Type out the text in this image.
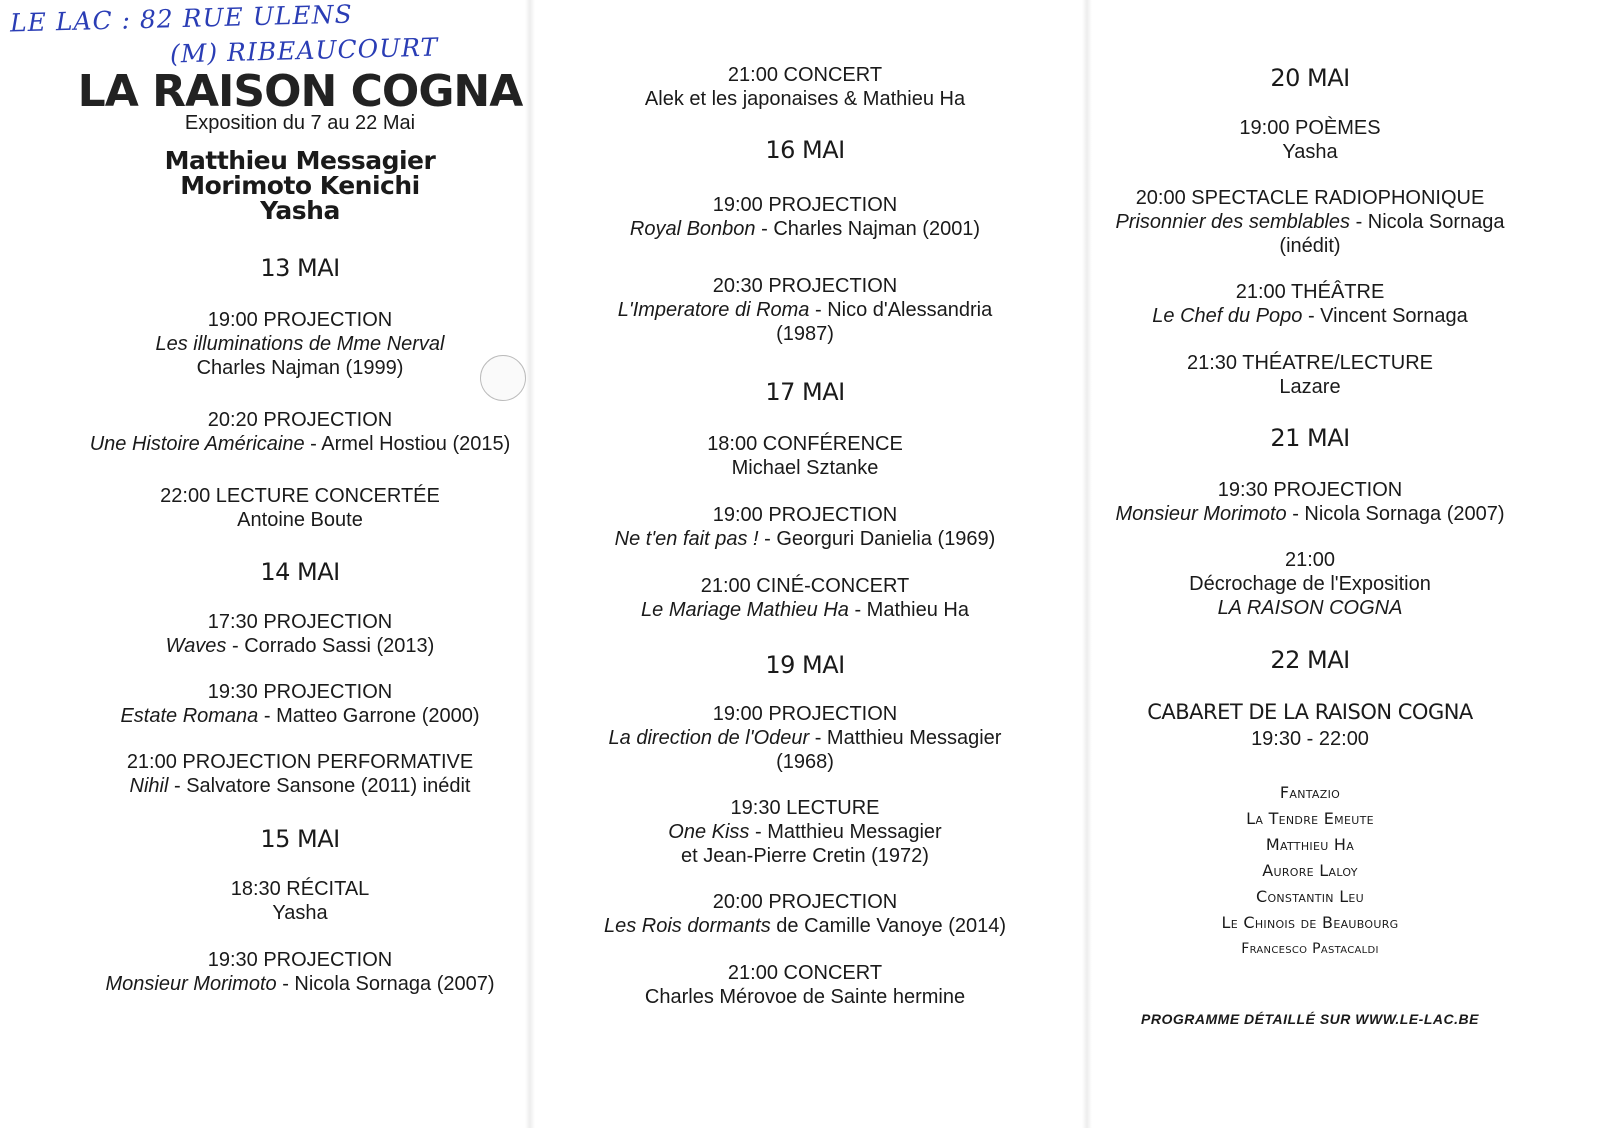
LE LAC : 82 RUE ULENS
(M) RIBEAUCOURT
LA RAISON COGNA
Exposition du 7 au 22 Mai
Matthieu Messagier
Morimoto Kenichi
Yasha
13 MAI
19:00 PROJECTION
Les illuminations de Mme Nerval
Charles Najman (1999)
20:20 PROJECTION
Une Histoire Américaine - Armel Hostiou (2015)
22:00 LECTURE CONCERTÉE
Antoine Boute
14 MAI
17:30 PROJECTION
Waves - Corrado Sassi (2013)
19:30 PROJECTION
Estate Romana - Matteo Garrone (2000)
21:00 PROJECTION PERFORMATIVE
Nihil - Salvatore Sansone (2011) inédit
15 MAI
18:30 RÉCITAL
Yasha
19:30 PROJECTION
Monsieur Morimoto - Nicola Sornaga (2007)
21:00 CONCERT
Alek et les japonaises & Mathieu Ha
16 MAI
19:00 PROJECTION
Royal Bonbon - Charles Najman (2001)
20:30 PROJECTION
L'Imperatore di Roma - Nico d'Alessandria
(1987)
17 MAI
18:00 CONFÉRENCE
Michael Sztanke
19:00 PROJECTION
Ne t'en fait pas ! - Georguri Danielia (1969)
21:00 CINÉ-CONCERT
Le Mariage Mathieu Ha - Mathieu Ha
19 MAI
19:00 PROJECTION
La direction de l'Odeur - Matthieu Messagier
(1968)
19:30 LECTURE
One Kiss - Matthieu Messagier
et Jean-Pierre Cretin (1972)
20:00 PROJECTION
Les Rois dormants de Camille Vanoye (2014)
21:00 CONCERT
Charles Mérovoe de Sainte hermine
20 MAI
19:00 POÈMES
Yasha
20:00 SPECTACLE RADIOPHONIQUE
Prisonnier des semblables - Nicola Sornaga
(inédit)
21:00 THÉÂTRE
Le Chef du Popo - Vincent Sornaga
21:30 THÉATRE/LECTURE
Lazare
21 MAI
19:30 PROJECTION
Monsieur Morimoto - Nicola Sornaga (2007)
21:00
Décrochage de l'Exposition
LA RAISON COGNA
22 MAI
CABARET DE LA RAISON COGNA
19:30 - 22:00
Fantazio
La Tendre Emeute
Matthieu Ha
Aurore Laloy
Constantin Leu
Le Chinois de Beaubourg
Francesco Pastacaldi
PROGRAMME DÉTAILLÉ SUR WWW.LE-LAC.BE
